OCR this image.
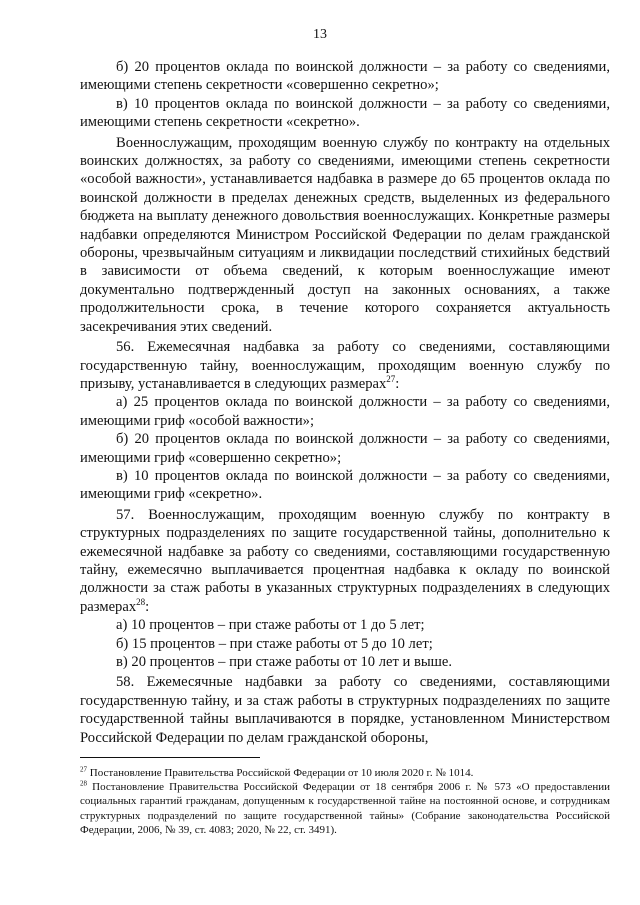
13

б) 20 процентов оклада по воинской должности – за работу со сведениями, имеющими степень секретности «совершенно секретно»;

в) 10 процентов оклада по воинской должности – за работу со сведениями, имеющими степень секретности «секретно».

Военнослужащим, проходящим военную службу по контракту на отдельных воинских должностях, за работу со сведениями, имеющими степень секретности «особой важности», устанавливается надбавка в размере до 65 процентов оклада по воинской должности в пределах денежных средств, выделенных из федерального бюджета на выплату денежного довольствия военнослужащих. Конкретные размеры надбавки определяются Министром Российской Федерации по делам гражданской обороны, чрезвычайным ситуациям и ликвидации последствий стихийных бедствий в зависимости от объема сведений, к которым военнослужащие имеют документально подтвержденный доступ на законных основаниях, а также продолжительности срока, в течение которого сохраняется актуальность засекречивания этих сведений.

56. Ежемесячная надбавка за работу со сведениями, составляющими государственную тайну, военнослужащим, проходящим военную службу по призыву, устанавливается в следующих размерах$^{27}$:

а) 25 процентов оклада по воинской должности – за работу со сведениями, имеющими гриф «особой важности»;

б) 20 процентов оклада по воинской должности – за работу со сведениями, имеющими гриф «совершенно секретно»;

в) 10 процентов оклада по воинской должности – за работу со сведениями, имеющими гриф «секретно».

57. Военнослужащим, проходящим военную службу по контракту в структурных подразделениях по защите государственной тайны, дополнительно к ежемесячной надбавке за работу со сведениями, составляющими государственную тайну, ежемесячно выплачивается процентная надбавка к окладу по воинской должности за стаж работы в указанных структурных подразделениях в следующих размерах$^{28}$:

а) 10 процентов – при стаже работы от 1 до 5 лет;

б) 15 процентов – при стаже работы от 5 до 10 лет;

в) 20 процентов – при стаже работы от 10 лет и выше.

58. Ежемесячные надбавки за работу со сведениями, составляющими государственную тайну, и за стаж работы в структурных подразделениях по защите государственной тайны выплачиваются в порядке, установленном Министерством Российской Федерации по делам гражданской обороны,

$^{27}$ Постановление Правительства Российской Федерации от 10 июля 2020 г. № 1014.

$^{28}$ Постановление Правительства Российской Федерации от 18 сентября 2006 г. № 573 «О предоставлении социальных гарантий гражданам, допущенным к государственной тайне на постоянной основе, и сотрудникам структурных подразделений по защите государственной тайны» (Собрание законодательства Российской Федерации, 2006, № 39, ст. 4083; 2020, № 22, ст. 3491).
